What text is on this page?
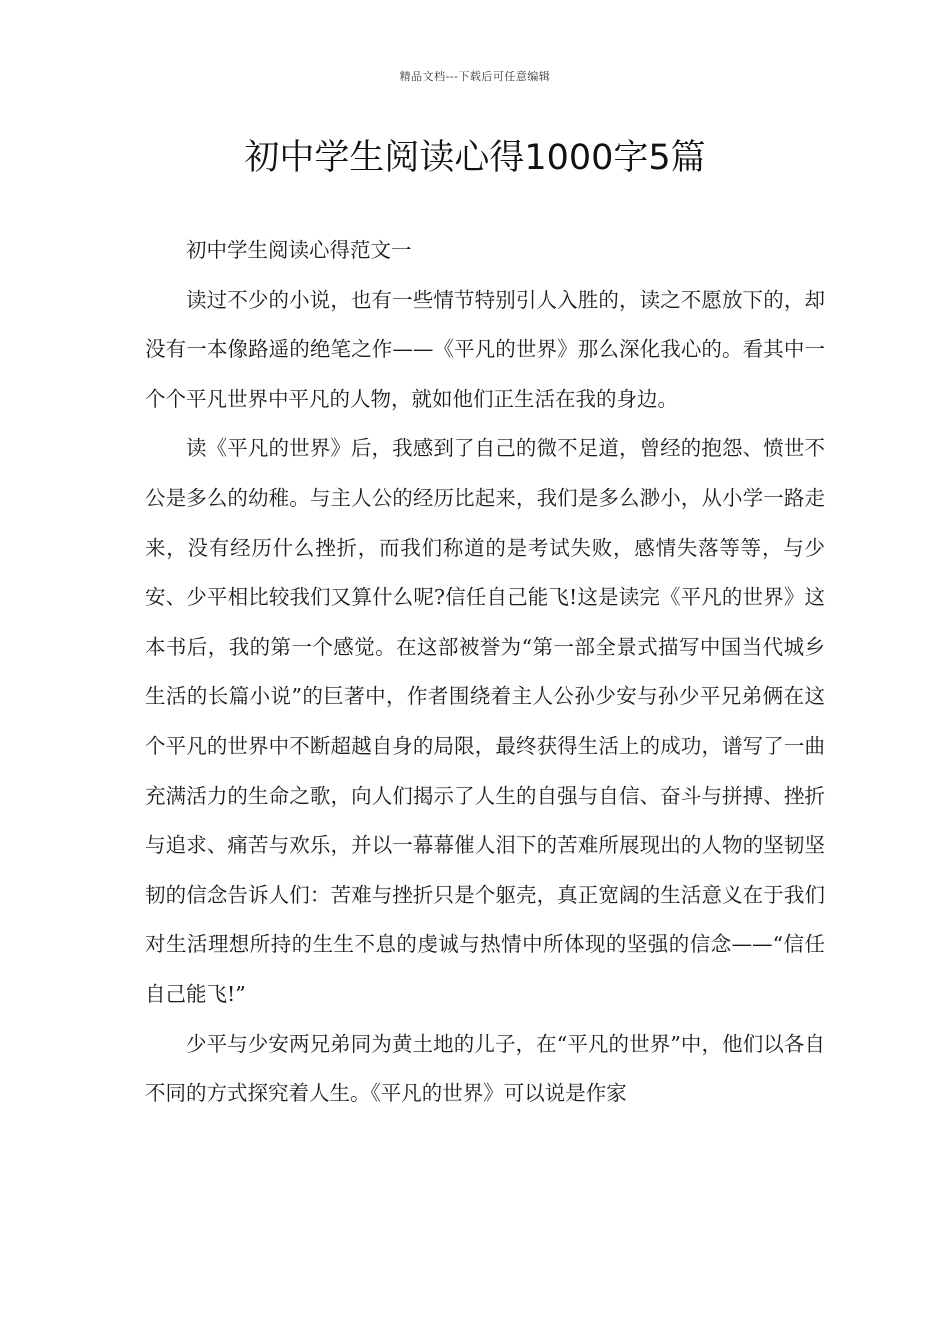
精品文档---下载后可任意编辑
初中学生阅读心得1000字5篇

初中学生阅读心得范文一

读过不少的小说，也有一些情节特别引人入胜的，读之不愿放下的，却没有一本像路遥的绝笔之作——《平凡的世界》那么深化我心的。看其中一个个平凡世界中平凡的人物，就如他们正生活在我的身边。

读《平凡的世界》后，我感到了自己的微不足道，曾经的抱怨、愤世不公是多么的幼稚。与主人公的经历比起来，我们是多么渺小，从小学一路走来，没有经历什么挫折，而我们称道的是考试失败，感情失落等等，与少安、少平相比较我们又算什么呢?信任自己能飞!这是读完《平凡的世界》这本书后，我的第一个感觉。在这部被誉为“第一部全景式描写中国当代城乡生活的长篇小说”的巨著中，作者围绕着主人公孙少安与孙少平兄弟俩在这个平凡的世界中不断超越自身的局限，最终获得生活上的成功，谱写了一曲充满活力的生命之歌，向人们揭示了人生的自强与自信、奋斗与拼搏、挫折与追求、痛苦与欢乐，并以一幕幕催人泪下的苦难所展现出的人物的坚韧坚韧的信念告诉人们：苦难与挫折只是个躯壳，真正宽阔的生活意义在于我们对生活理想所持的生生不息的虔诚与热情中所体现的坚强的信念——“信任自己能飞!”

少平与少安两兄弟同为黄土地的儿子，在“平凡的世界”中，他们以各自不同的方式探究着人生。《平凡的世界》可以说是作家
